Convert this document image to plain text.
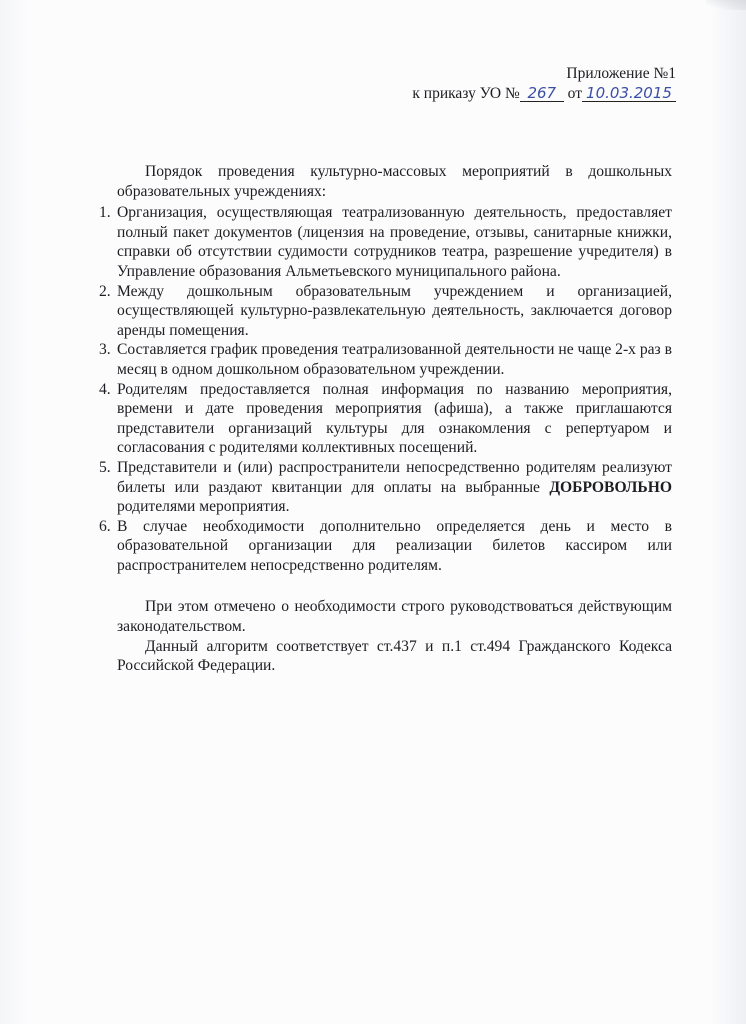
Приложение №1
к приказу УО № 267 от 10.03.2015

Порядок проведения культурно-массовых мероприятий в дошкольных образовательных учреждениях:

1. Организация, осуществляющая театрализованную деятельность, предоставляет полный пакет документов (лицензия на проведение, отзывы, санитарные книжки, справки об отсутствии судимости сотрудников театра, разрешение учредителя) в Управление образования Альметьевского муниципального района.
2. Между дошкольным образовательным учреждением и организацией, осуществляющей культурно-развлекательную деятельность, заключается договор аренды помещения.
3. Составляется график проведения театрализованной деятельности не чаще 2-х раз в месяц в одном дошкольном образовательном учреждении.
4. Родителям предоставляется полная информация по названию мероприятия, времени и дате проведения мероприятия (афиша), а также приглашаются представители организаций культуры для ознакомления с репертуаром и согласования с родителями коллективных посещений.
5. Представители и (или) распространители непосредственно родителям реализуют билеты или раздают квитанции для оплаты на выбранные ДОБРОВОЛЬНО родителями мероприятия.
6. В случае необходимости дополнительно определяется день и место в образовательной организации для реализации билетов кассиром или распространителем непосредственно родителям.

При этом отмечено о необходимости строго руководствоваться действующим законодательством.

Данный алгоритм соответствует ст.437 и п.1 ст.494 Гражданского Кодекса Российской Федерации.
